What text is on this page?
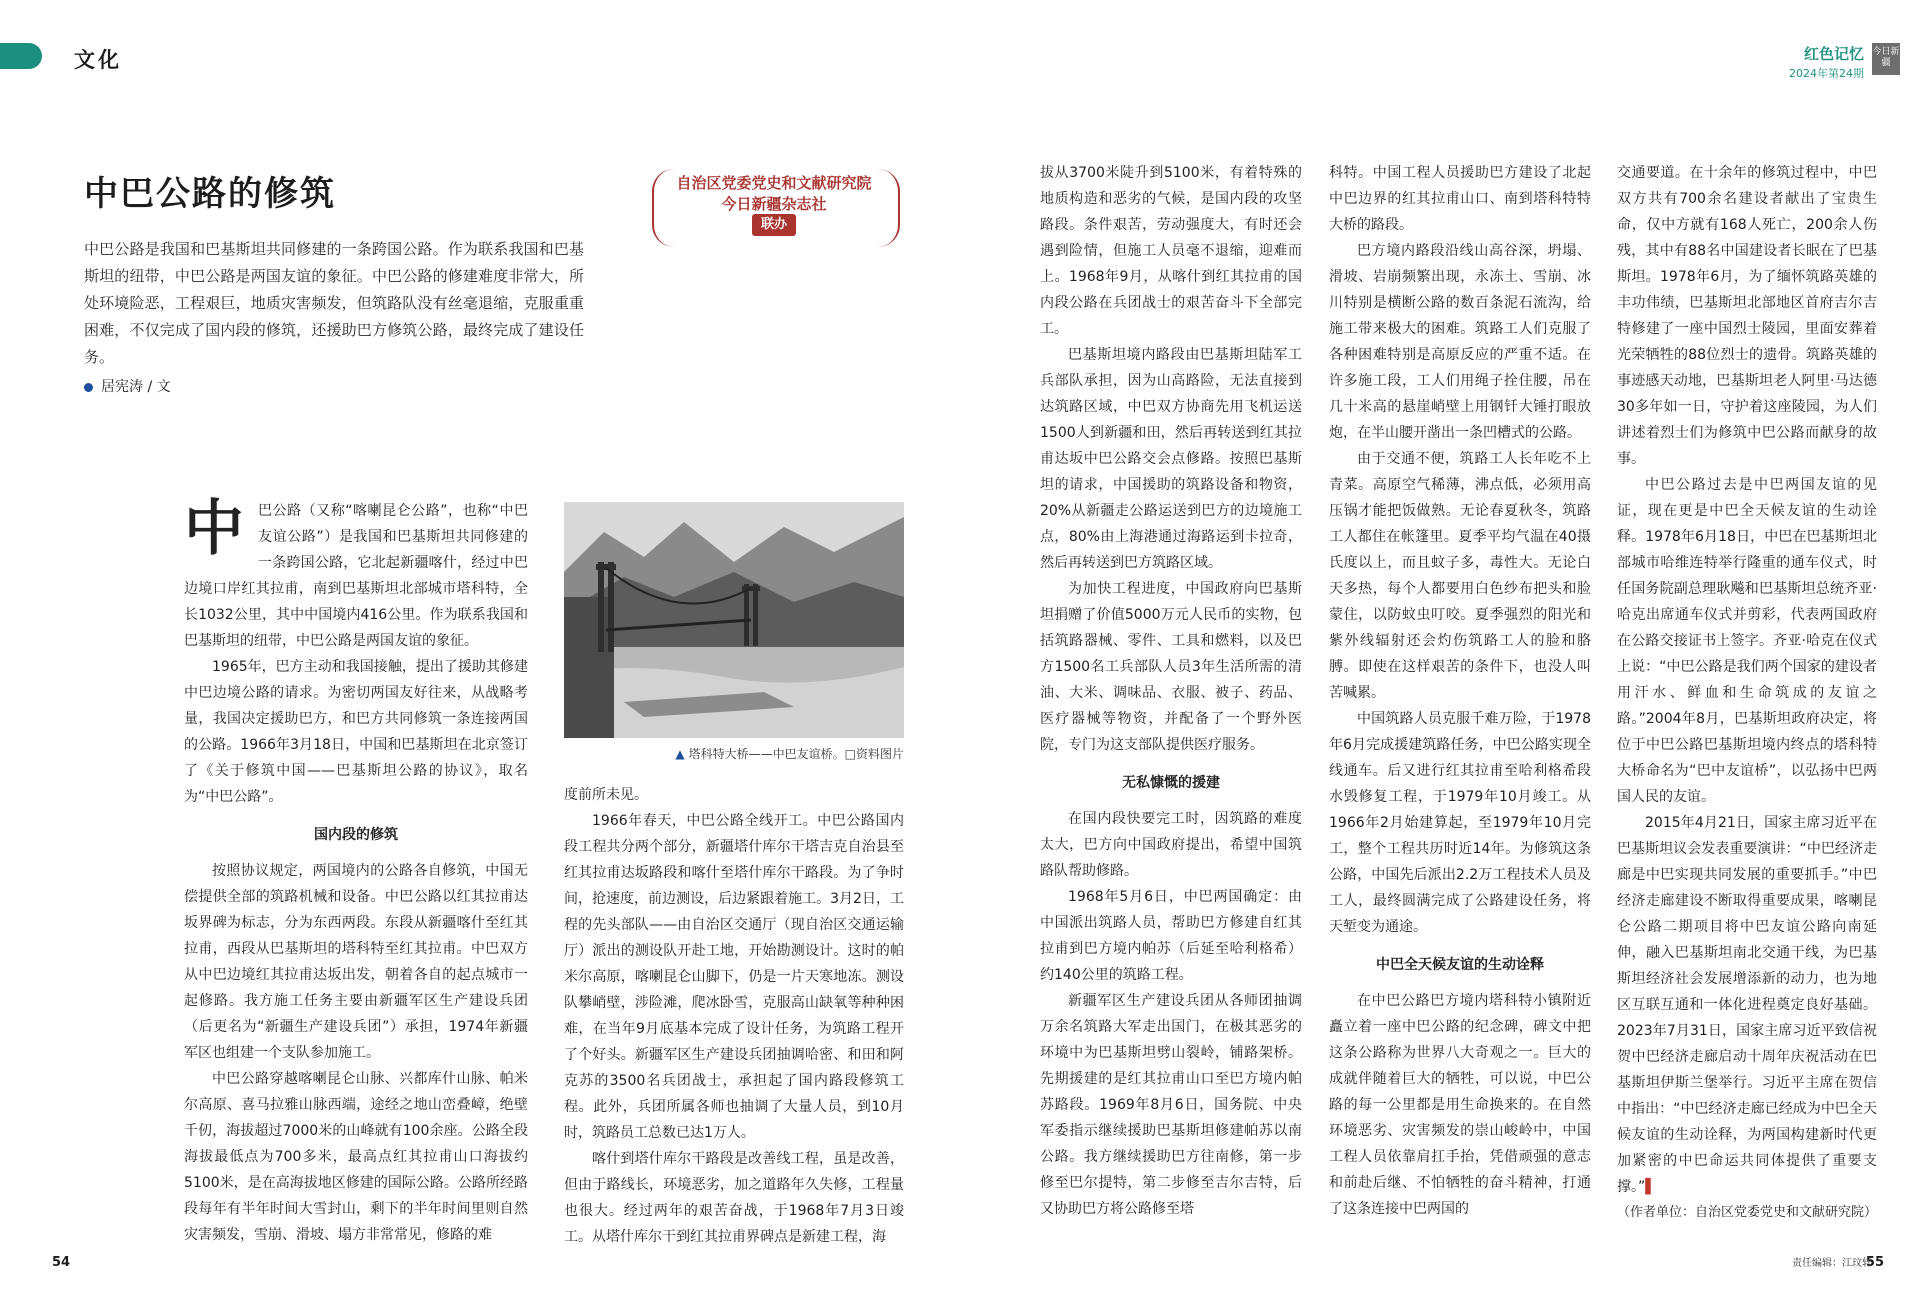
文化	红色记忆
2024年第24期
今日新疆
中巴公路的修筑	自治区党委党史和文献研究院
今日新疆杂志社
联办
中巴公路是我国和巴基斯坦共同修建的一条跨国公路。作为联系我国和巴基斯坦的纽带，中巴公路是两国友谊的象征。中巴公路的修建难度非常大，所处环境险恶，工程艰巨，地质灾害频发，但筑路队没有丝毫退缩，克服重重困难，不仅完成了国内段的修筑，还援助巴方修筑公路，最终完成了建设任务。
居宪涛 / 文
中	巴公路（又称“喀喇昆仑公路”，也称“中巴友谊公路”）是我国和巴基斯坦共同修建的一条跨国公路，它北起新疆喀什，经过中巴边境口岸红其拉甫，南到巴基斯坦北部城市塔科特，全长1032公里，其中中国境内416公里。作为联系我国和巴基斯坦的纽带，中巴公路是两国友谊的象征。

1965年，巴方主动和我国接触，提出了援助其修建中巴边境公路的请求。为密切两国友好往来，从战略考量，我国决定援助巴方，和巴方共同修筑一条连接两国的公路。1966年3月18日，中国和巴基斯坦在北京签订了《关于修筑中国——巴基斯坦公路的协议》，取名为“中巴公路”。

国内段的修筑

按照协议规定，两国境内的公路各自修筑，中国无偿提供全部的筑路机械和设备。中巴公路以红其拉甫达坂界碑为标志，分为东西两段。东段从新疆喀什至红其拉甫，西段从巴基斯坦的塔科特至红其拉甫。中巴双方从中巴边境红其拉甫达坂出发，朝着各自的起点城市一起修路。我方施工任务主要由新疆军区生产建设兵团（后更名为“新疆生产建设兵团”）承担，1974年新疆军区也组建一个支队参加施工。

中巴公路穿越喀喇昆仑山脉、兴都库什山脉、帕米尔高原、喜马拉雅山脉西端，途经之地山峦叠嶂，绝壁千仞，海拔超过7000米的山峰就有100余座。公路全段海拔最低点为700多米，最高点红其拉甫山口海拔约5100米，是在高海拔地区修建的国际公路。公路所经路段每年有半年时间大雪封山，剩下的半年时间里则自然灾害频发，雪崩、滑坡、塌方非常常见，修路的难

▲ 塔科特大桥——中巴友谊桥。□资料图片

度前所未见。

1966年春天，中巴公路全线开工。中巴公路国内段工程共分两个部分，新疆塔什库尔干塔吉克自治县至红其拉甫达坂路段和喀什至塔什库尔干路段。为了争时间，抢速度，前边测设，后边紧跟着施工。3月2日，工程的先头部队——由自治区交通厅（现自治区交通运输厅）派出的测设队开赴工地，开始勘测设计。这时的帕米尔高原，喀喇昆仑山脚下，仍是一片天寒地冻。测设队攀峭壁，涉险滩，爬冰卧雪，克服高山缺氧等种种困难，在当年9月底基本完成了设计任务，为筑路工程开了个好头。新疆军区生产建设兵团抽调哈密、和田和阿克苏的3500名兵团战士，承担起了国内路段修筑工程。此外，兵团所属各师也抽调了大量人员，到10月时，筑路员工总数已达1万人。

喀什到塔什库尔干路段是改善线工程，虽是改善，但由于路线长，环境恶劣，加之道路年久失修，工程量也很大。经过两年的艰苦奋战，于1968年7月3日竣工。从塔什库尔干到红其拉甫界碑点是新建工程，海

拔从3700米陡升到5100米，有着特殊的地质构造和恶劣的气候，是国内段的攻坚路段。条件艰苦，劳动强度大，有时还会遇到险情，但施工人员毫不退缩，迎难而上。1968年9月，从喀什到红其拉甫的国内段公路在兵团战士的艰苦奋斗下全部完工。

巴基斯坦境内路段由巴基斯坦陆军工兵部队承担，因为山高路险，无法直接到达筑路区域，中巴双方协商先用飞机运送1500人到新疆和田，然后再转送到红其拉甫达坂中巴公路交会点修路。按照巴基斯坦的请求，中国援助的筑路设备和物资，20%从新疆走公路运送到巴方的边境施工点，80%由上海港通过海路运到卡拉奇，然后再转送到巴方筑路区域。

为加快工程进度，中国政府向巴基斯坦捐赠了价值5000万元人民币的实物，包括筑路器械、零件、工具和燃料，以及巴方1500名工兵部队人员3年生活所需的清油、大米、调味品、衣服、被子、药品、医疗器械等物资，并配备了一个野外医院，专门为这支部队提供医疗服务。

无私慷慨的援建

在国内段快要完工时，因筑路的难度太大，巴方向中国政府提出，希望中国筑路队帮助修路。

1968年5月6日，中巴两国确定：由中国派出筑路人员，帮助巴方修建自红其拉甫到巴方境内帕苏（后延至哈利格希）约140公里的筑路工程。

新疆军区生产建设兵团从各师团抽调万余名筑路大军走出国门，在极其恶劣的环境中为巴基斯坦劈山裂岭，铺路架桥。先期援建的是红其拉甫山口至巴方境内帕苏路段。1969年8月6日，国务院、中央军委指示继续援助巴基斯坦修建帕苏以南公路。我方继续援助巴方往南修，第一步修至巴尔提特，第二步修至吉尔吉特，后又协助巴方将公路修至塔

科特。中国工程人员援助巴方建设了北起中巴边界的红其拉甫山口、南到塔科特特大桥的路段。

巴方境内路段沿线山高谷深，坍塌、滑坡、岩崩频繁出现，永冻土、雪崩、冰川特别是横断公路的数百条泥石流沟，给施工带来极大的困难。筑路工人们克服了各种困难特别是高原反应的严重不适。在许多施工段，工人们用绳子拴住腰，吊在几十米高的悬崖峭壁上用钢钎大锤打眼放炮，在半山腰开凿出一条凹槽式的公路。

由于交通不便，筑路工人长年吃不上青菜。高原空气稀薄，沸点低，必须用高压锅才能把饭做熟。无论春夏秋冬，筑路工人都住在帐篷里。夏季平均气温在40摄氏度以上，而且蚊子多，毒性大。无论白天多热，每个人都要用白色纱布把头和脸蒙住，以防蚊虫叮咬。夏季强烈的阳光和紫外线辐射还会灼伤筑路工人的脸和胳膊。即使在这样艰苦的条件下，也没人叫苦喊累。

中国筑路人员克服千难万险，于1978年6月完成援建筑路任务，中巴公路实现全线通车。后又进行红其拉甫至哈利格希段水毁修复工程，于1979年10月竣工。从1966年2月始建算起，至1979年10月完工，整个工程共历时近14年。为修筑这条公路，中国先后派出2.2万工程技术人员及工人，最终圆满完成了公路建设任务，将天堑变为通途。

中巴全天候友谊的生动诠释

在中巴公路巴方境内塔科特小镇附近矗立着一座中巴公路的纪念碑，碑文中把这条公路称为世界八大奇观之一。巨大的成就伴随着巨大的牺牲，可以说，中巴公路的每一公里都是用生命换来的。在自然环境恶劣、灾害频发的崇山峻岭中，中国工程人员依靠肩扛手抬，凭借顽强的意志和前赴后继、不怕牺牲的奋斗精神，打通了这条连接中巴两国的

交通要道。在十余年的修筑过程中，中巴双方共有700余名建设者献出了宝贵生命，仅中方就有168人死亡，200余人伤残，其中有88名中国建设者长眠在了巴基斯坦。1978年6月，为了缅怀筑路英雄的丰功伟绩，巴基斯坦北部地区首府吉尔吉特修建了一座中国烈士陵园，里面安葬着光荣牺牲的88位烈士的遗骨。筑路英雄的事迹感天动地，巴基斯坦老人阿里·马达德30多年如一日，守护着这座陵园，为人们讲述着烈士们为修筑中巴公路而献身的故事。

中巴公路过去是中巴两国友谊的见证，现在更是中巴全天候友谊的生动诠释。1978年6月18日，中巴在巴基斯坦北部城市哈维连特举行隆重的通车仪式，时任国务院副总理耿飚和巴基斯坦总统齐亚·哈克出席通车仪式并剪彩，代表两国政府在公路交接证书上签字。齐亚·哈克在仪式上说：“中巴公路是我们两个国家的建设者用汗水、鲜血和生命筑成的友谊之路。”2004年8月，巴基斯坦政府决定，将位于中巴公路巴基斯坦境内终点的塔科特大桥命名为“巴中友谊桥”，以弘扬中巴两国人民的友谊。

2015年4月21日，国家主席习近平在巴基斯坦议会发表重要演讲：“中巴经济走廊是中巴实现共同发展的重要抓手。”中巴经济走廊建设不断取得重要成果，喀喇昆仑公路二期项目将中巴友谊公路向南延伸，融入巴基斯坦南北交通干线，为巴基斯坦经济社会发展增添新的动力，也为地区互联互通和一体化进程奠定良好基础。2023年7月31日，国家主席习近平致信祝贺中巴经济走廊启动十周年庆祝活动在巴基斯坦伊斯兰堡举行。习近平主席在贺信中指出：“中巴经济走廊已经成为中巴全天候友谊的生动诠释，为两国构建新时代更加紧密的中巴命运共同体提供了重要支撑。”▌

（作者单位：自治区党委党史和文献研究院）
54	55
责任编辑：江玟轩
